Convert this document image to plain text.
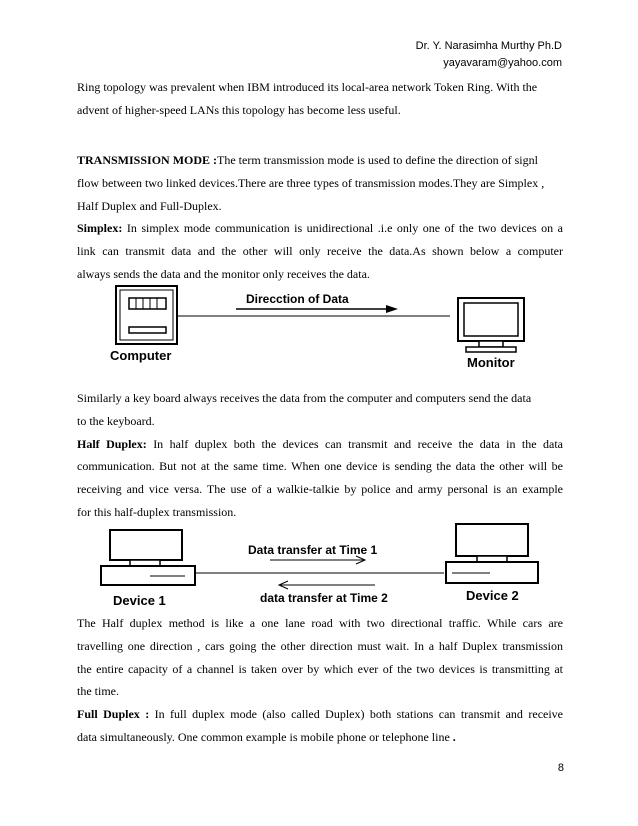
Dr. Y. Narasimha Murthy Ph.D
yayavaram@yahoo.com
Ring topology was prevalent when IBM introduced its local-area network Token Ring. With the
advent of higher-speed LANs this topology has become less useful.
TRANSMISSION MODE :The term transmission mode is used to define the direction of signl
flow between two linked devices.There are three types of transmission modes.They are Simplex ,
Half Duplex and Full-Duplex.
Simplex: In simplex mode communication is unidirectional .i.e only one of the two devices on a
link can transmit data and the other will only receive the data.As shown below a computer
always sends the data and the monitor only receives the data.
Computer	Monitor
Direcction of Data
Similarly a key board always receives the data from the computer and computers send the data
to the keyboard.
Half Duplex: In half duplex both the devices can transmit and receive the data in the data
communication. But not at the same time. When one device is sending the data the other will be
receiving and vice versa. The use of a walkie-talkie by police and army personal is an example
for this half-duplex transmission.
Data transfer at Time 1
data transfer at Time 2
Device 1	Device 2
The Half duplex method is like a one lane road with two directional traffic. While cars are
travelling one direction , cars going the other direction must wait. In a half Duplex transmission
the entire capacity of a channel is taken over by which ever of the two devices is transmitting at
the time.
Full Duplex : In full duplex mode (also called Duplex) both stations can transmit and receive
data simultaneously. One common example is mobile phone or telephone line .
8
